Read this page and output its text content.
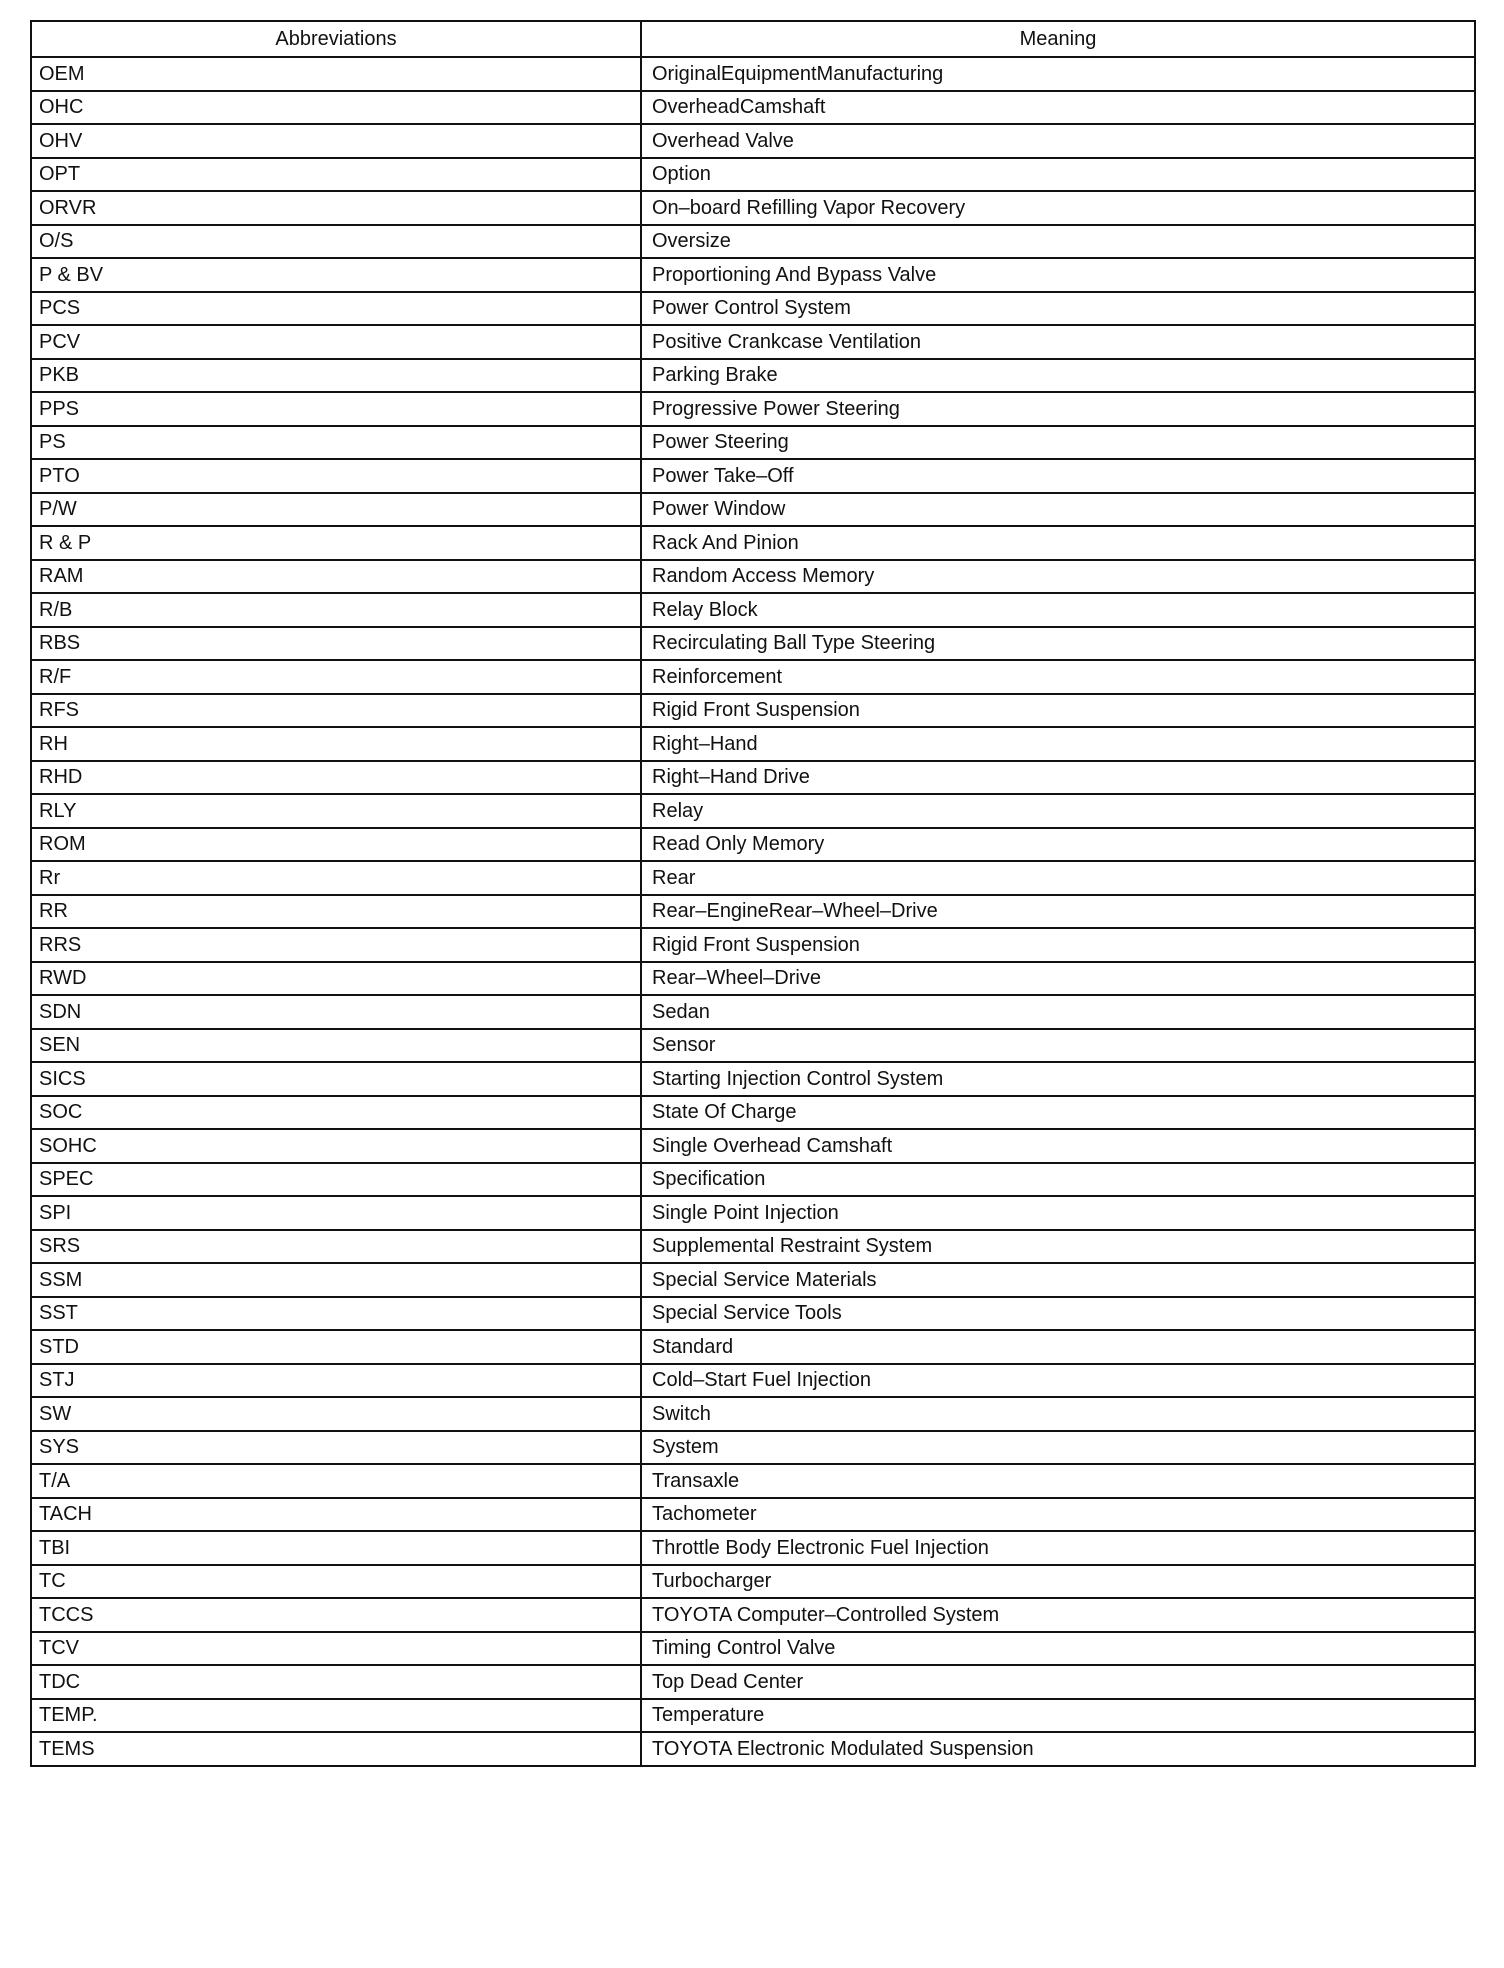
Abbreviations	Meaning
OEM	OriginalEquipmentManufacturing
OHC	OverheadCamshaft
OHV	Overhead Valve
OPT	Option
ORVR	On–board Refilling Vapor Recovery
O/S	Oversize
P & BV	Proportioning And Bypass Valve
PCS	Power Control System
PCV	Positive Crankcase Ventilation
PKB	Parking Brake
PPS	Progressive Power Steering
PS	Power Steering
PTO	Power Take–Off
P/W	Power Window
R & P	Rack And Pinion
RAM	Random Access Memory
R/B	Relay Block
RBS	Recirculating Ball Type Steering
R/F	Reinforcement
RFS	Rigid Front Suspension
RH	Right–Hand
RHD	Right–Hand Drive
RLY	Relay
ROM	Read Only Memory
Rr	Rear
RR	Rear–EngineRear–Wheel–Drive
RRS	Rigid Front Suspension
RWD	Rear–Wheel–Drive
SDN	Sedan
SEN	Sensor
SICS	Starting Injection Control System
SOC	State Of Charge
SOHC	Single Overhead Camshaft
SPEC	Specification
SPI	Single Point Injection
SRS	Supplemental Restraint System
SSM	Special Service Materials
SST	Special Service Tools
STD	Standard
STJ	Cold–Start Fuel Injection
SW	Switch
SYS	System
T/A	Transaxle
TACH	Tachometer
TBI	Throttle Body Electronic Fuel Injection
TC	Turbocharger
TCCS	TOYOTA Computer–Controlled System
TCV	Timing Control Valve
TDC	Top Dead Center
TEMP.	Temperature
TEMS	TOYOTA Electronic Modulated Suspension
